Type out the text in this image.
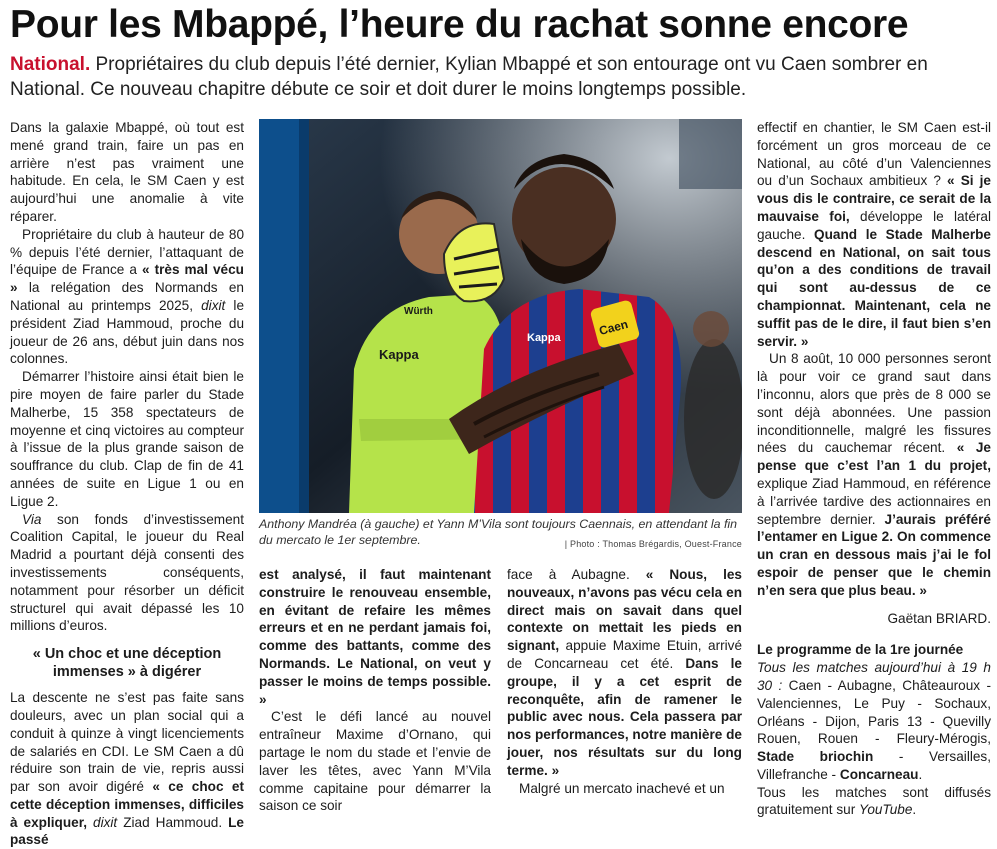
Pour les Mbappé, l’heure du rachat sonne encore
National. Propriétaires du club depuis l’été dernier, Kylian Mbappé et son entourage ont vu Caen sombrer en National. Ce nouveau chapitre débute ce soir et doit durer le moins longtemps possible.

Dans la galaxie Mbappé, où tout est mené grand train, faire un pas en arrière n’est pas vraiment une habitude. En cela, le SM Caen y est aujourd’hui une anomalie à vite réparer.

Propriétaire du club à hauteur de 80 % depuis l’été dernier, l’attaquant de l’équipe de France a « très mal vécu » la relégation des Normands en National au printemps 2025, dixit le président Ziad Hammoud, proche du joueur de 26 ans, début juin dans nos colonnes.

Démarrer l’histoire ainsi était bien le pire moyen de faire parler du Stade Malherbe, 15 358 spectateurs de moyenne et cinq victoires au compteur à l’issue de la plus grande saison de souffrance du club. Clap de fin de 41 années de suite en Ligue 1 ou en Ligue 2.

Via son fonds d’investissement Coalition Capital, le joueur du Real Madrid a pourtant déjà consenti des investissements conséquents, notamment pour résorber un déficit structurel qui avait dépassé les 10 millions d’euros.

« Un choc et une déception immenses » à digérer

La descente ne s’est pas faite sans douleurs, avec un plan social qui a conduit à quinze à vingt licenciements de salariés en CDI. Le SM Caen a dû réduire son train de vie, repris aussi par son avoir digéré « ce choc et cette déception immenses, difficiles à expliquer, dixit Ziad Hammoud. Le passé

Kappa
Caen
Kappa
Würth
Anthony Mandréa (à gauche) et Yann M’Vila sont toujours Caennais, en attendant la fin du mercato le 1er septembre.	| Photo : Thomas Brégardis, Ouest-France

est analysé, il faut maintenant construire le renouveau ensemble, en évitant de refaire les mêmes erreurs et en ne perdant jamais foi, comme des battants, comme des Normands. Le National, on veut y passer le moins de temps possible. »

C’est le défi lancé au nouvel entraîneur Maxime d’Ornano, qui partage le nom du stade et l’envie de laver les têtes, avec Yann M’Vila comme capitaine pour démarrer la saison ce soir

face à Aubagne. « Nous, les nouveaux, n’avons pas vécu cela en direct mais on savait dans quel contexte on mettait les pieds en signant, appuie Maxime Etuin, arrivé de Concarneau cet été. Dans le groupe, il y a cet esprit de reconquête, afin de ramener le public avec nous. Cela passera par nos performances, notre manière de jouer, nos résultats sur du long terme. »

Malgré un mercato inachevé et un

effectif en chantier, le SM Caen est-il forcément un gros morceau de ce National, au côté d’un Valenciennes ou d’un Sochaux ambitieux ? « Si je vous dis le contraire, ce serait de la mauvaise foi, développe le latéral gauche. Quand le Stade Malherbe descend en National, on sait tous qu’on a des conditions de travail qui sont au-dessus de ce championnat. Maintenant, cela ne suffit pas de le dire, il faut bien s’en servir. »

Un 8 août, 10 000 personnes seront là pour voir ce grand saut dans l’inconnu, alors que près de 8 000 se sont déjà abonnées. Une passion inconditionnelle, malgré les fissures nées du cauchemar récent. « Je pense que c’est l’an 1 du projet, explique Ziad Hammoud, en référence à l’arrivée tardive des actionnaires en septembre dernier. J’aurais préféré l’entamer en Ligue 2. On commence un cran en dessous mais j’ai le fol espoir de penser que le chemin n’en sera que plus beau. »

Gaëtan BRIARD.

Le programme de la 1re journée

Tous les matches aujourd’hui à 19 h 30 : Caen - Aubagne, Châteauroux - Valenciennes, Le Puy - Sochaux, Orléans - Dijon, Paris 13 - Quevilly Rouen, Rouen - Fleury-Mérogis, Stade briochin - Versailles, Villefranche - Concarneau.

Tous les matches sont diffusés gratuitement sur YouTube.
